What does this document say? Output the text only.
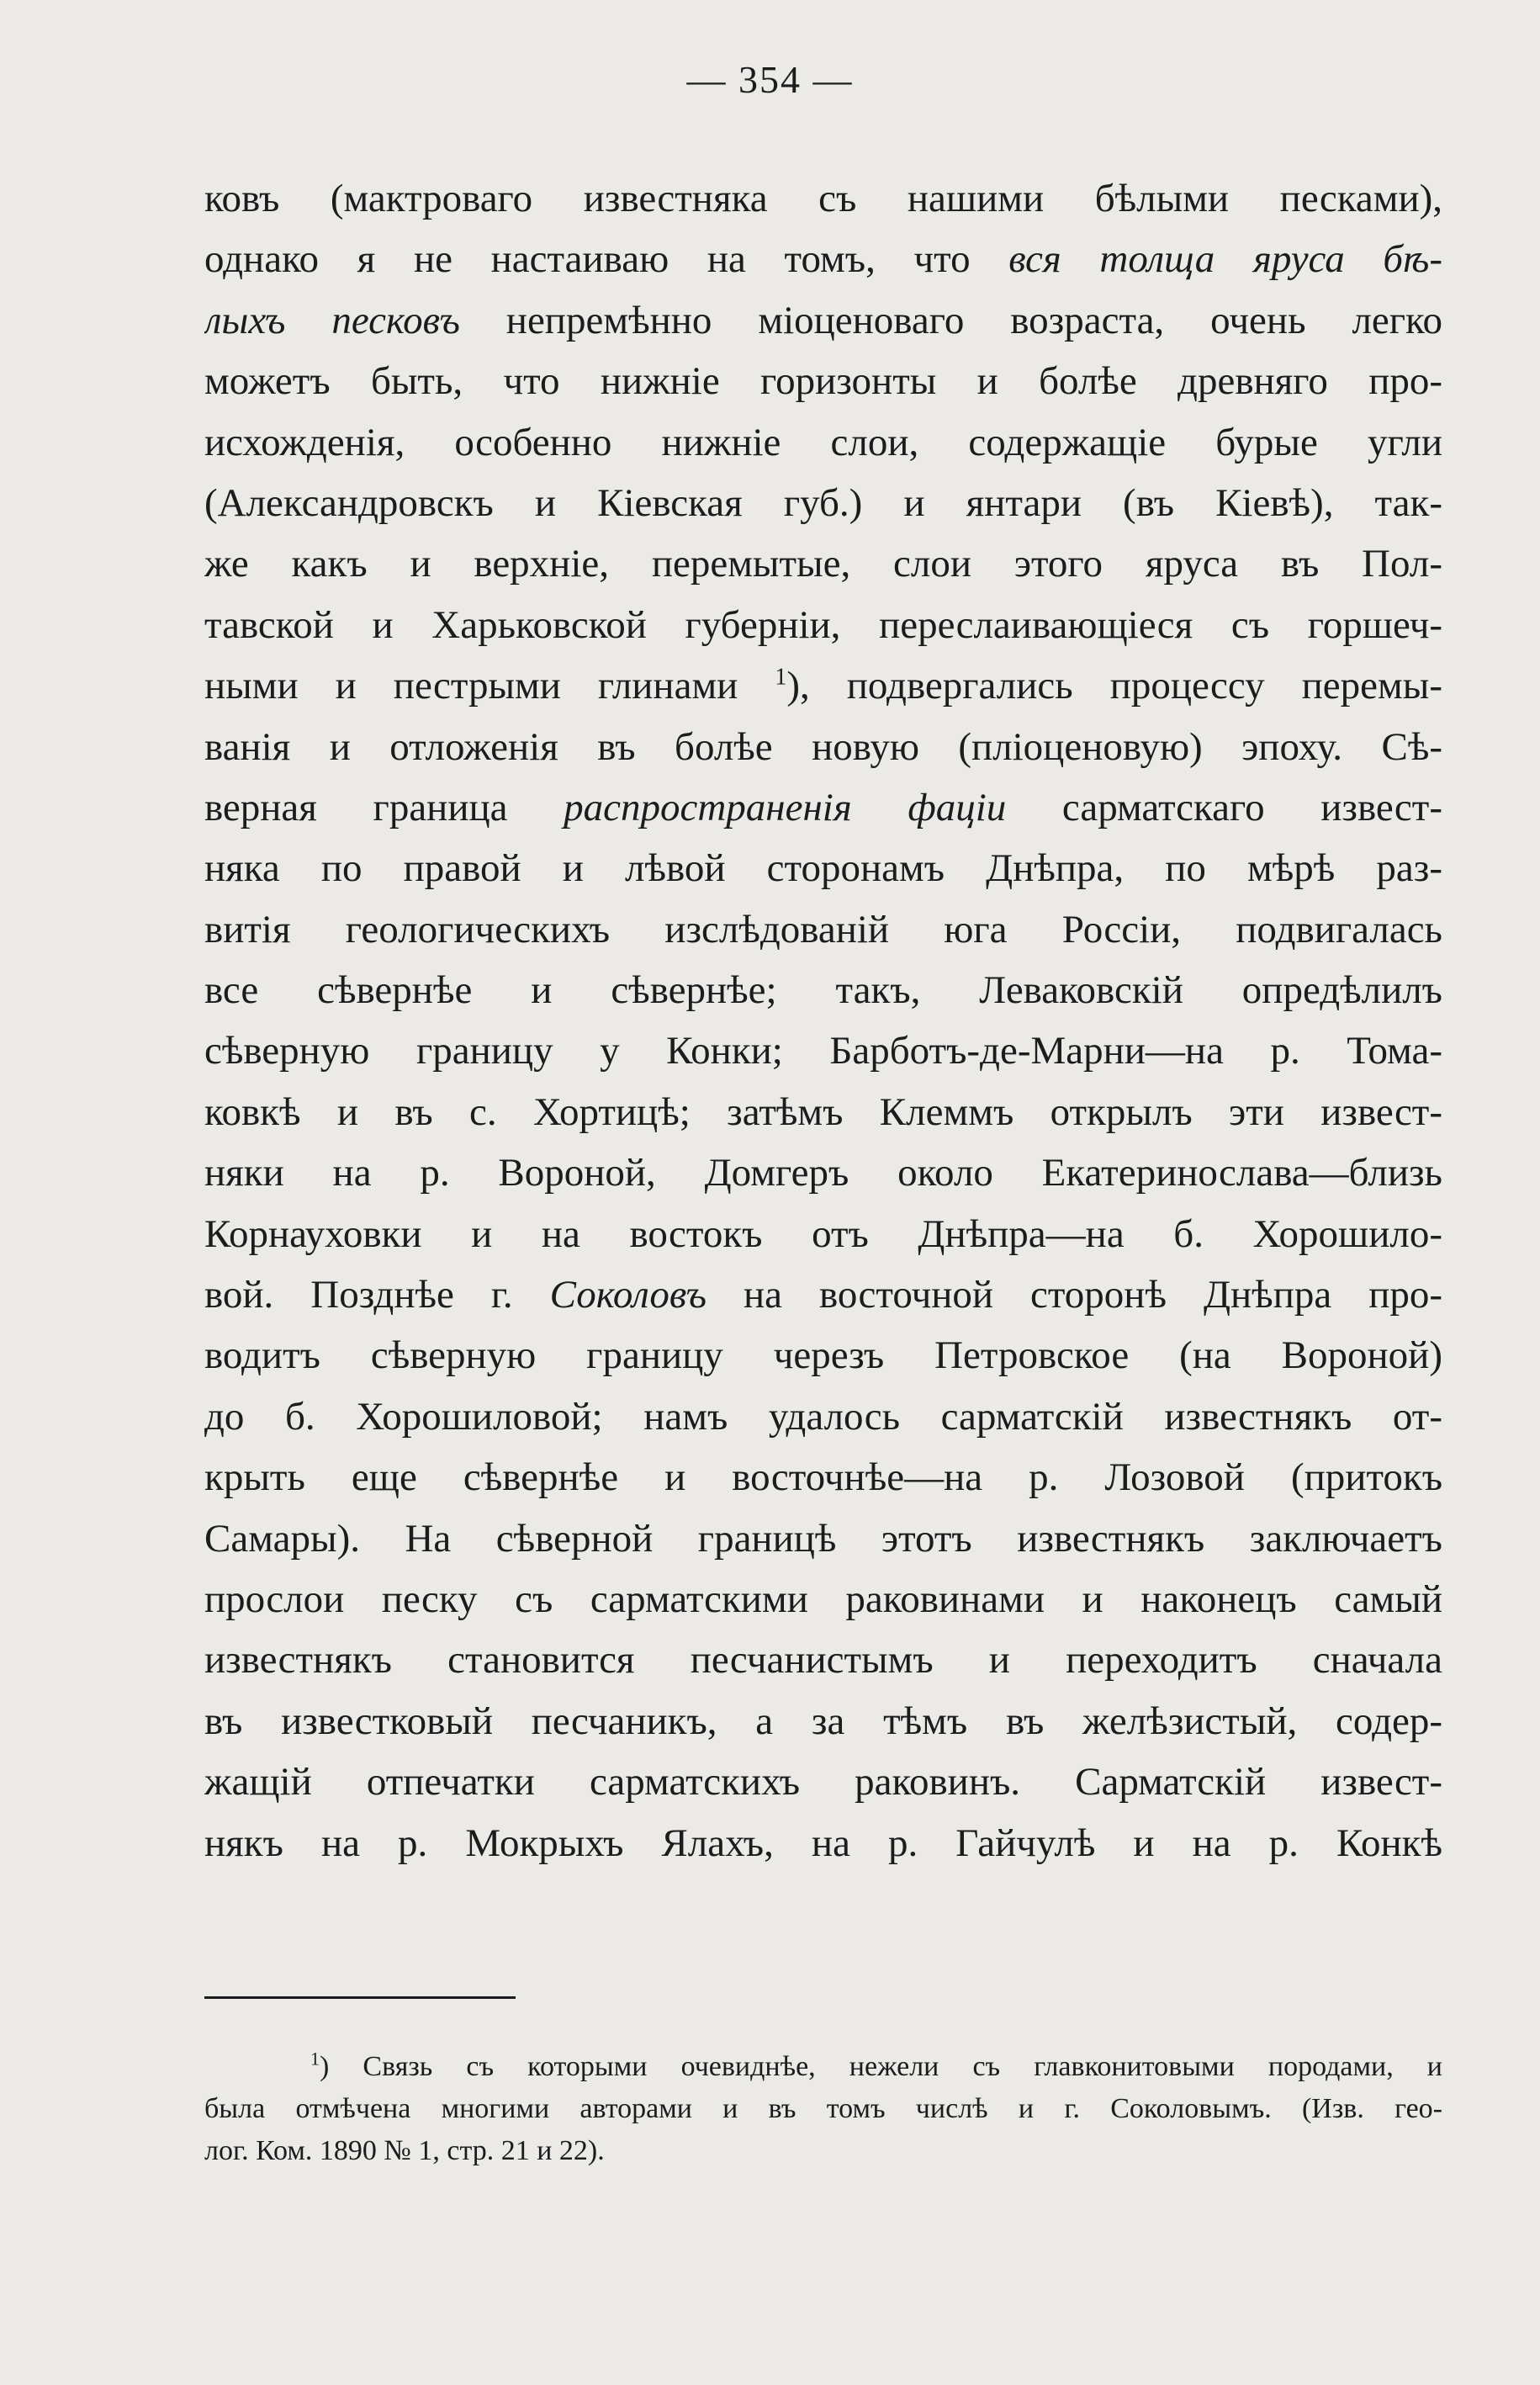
— 354 —
ковъ (мактроваго известняка съ нашими бѣлыми песками),
однако я не настаиваю на томъ, что вся толща яруса бѣ-
лыхъ песковъ непремѣнно міоценоваго возраста, очень легко
можетъ быть, что нижніе горизонты и болѣе древняго про-
исхожденія, особенно нижніе слои, содержащіе бурые угли
(Александровскъ и Кіевская губ.) и янтари (въ Кіевѣ), так-
же какъ и верхніе, перемытые, слои этого яруса въ Пол-
тавской и Харьковской губерніи, переслаивающіеся съ горшеч-
ными и пестрыми глинами $^1$), подвергались процессу перемы-
ванія и отложенія въ болѣе новую (пліоценовую) эпоху. Сѣ-
верная граница распространенія фаціи сарматскаго извест-
няка по правой и лѣвой сторонамъ Днѣпра, по мѣрѣ раз-
витія геологическихъ изслѣдованій юга Россіи, подвигалась
все сѣвернѣе и сѣвернѣе; такъ, Леваковскій опредѣлилъ
сѣверную границу у Конки; Барботъ-де-Марни—на р. Тома-
ковкѣ и въ с. Хортицѣ; затѣмъ Клеммъ открылъ эти извест-
няки на р. Вороной, Домгеръ около Екатеринослава—близь
Корнауховки и на востокъ отъ Днѣпра—на б. Хорошило-
вой. Позднѣе г. Соколовъ на восточной сторонѣ Днѣпра про-
водитъ сѣверную границу черезъ Петровское (на Вороной)
до б. Хорошиловой; намъ удалось сарматскій известнякъ от-
крыть еще сѣвернѣе и восточнѣе—на р. Лозовой (притокъ
Самары). На сѣверной границѣ этотъ известнякъ заключаетъ
прослои песку съ сарматскими раковинами и наконецъ самый
известнякъ становится песчанистымъ и переходитъ сначала
въ известковый песчаникъ, а за тѣмъ въ желѣзистый, содер-
жащій отпечатки сарматскихъ раковинъ. Сарматскій извест-
някъ на р. Мокрыхъ Ялахъ, на р. Гайчулѣ и на р. Конкѣ
$^1$) Связь съ которыми очевиднѣе, нежели съ главконитовыми породами, и
была отмѣчена многими авторами и въ томъ числѣ и г. Соколовымъ. (Изв. гео-
лог. Ком. 1890 № 1, стр. 21 и 22).
